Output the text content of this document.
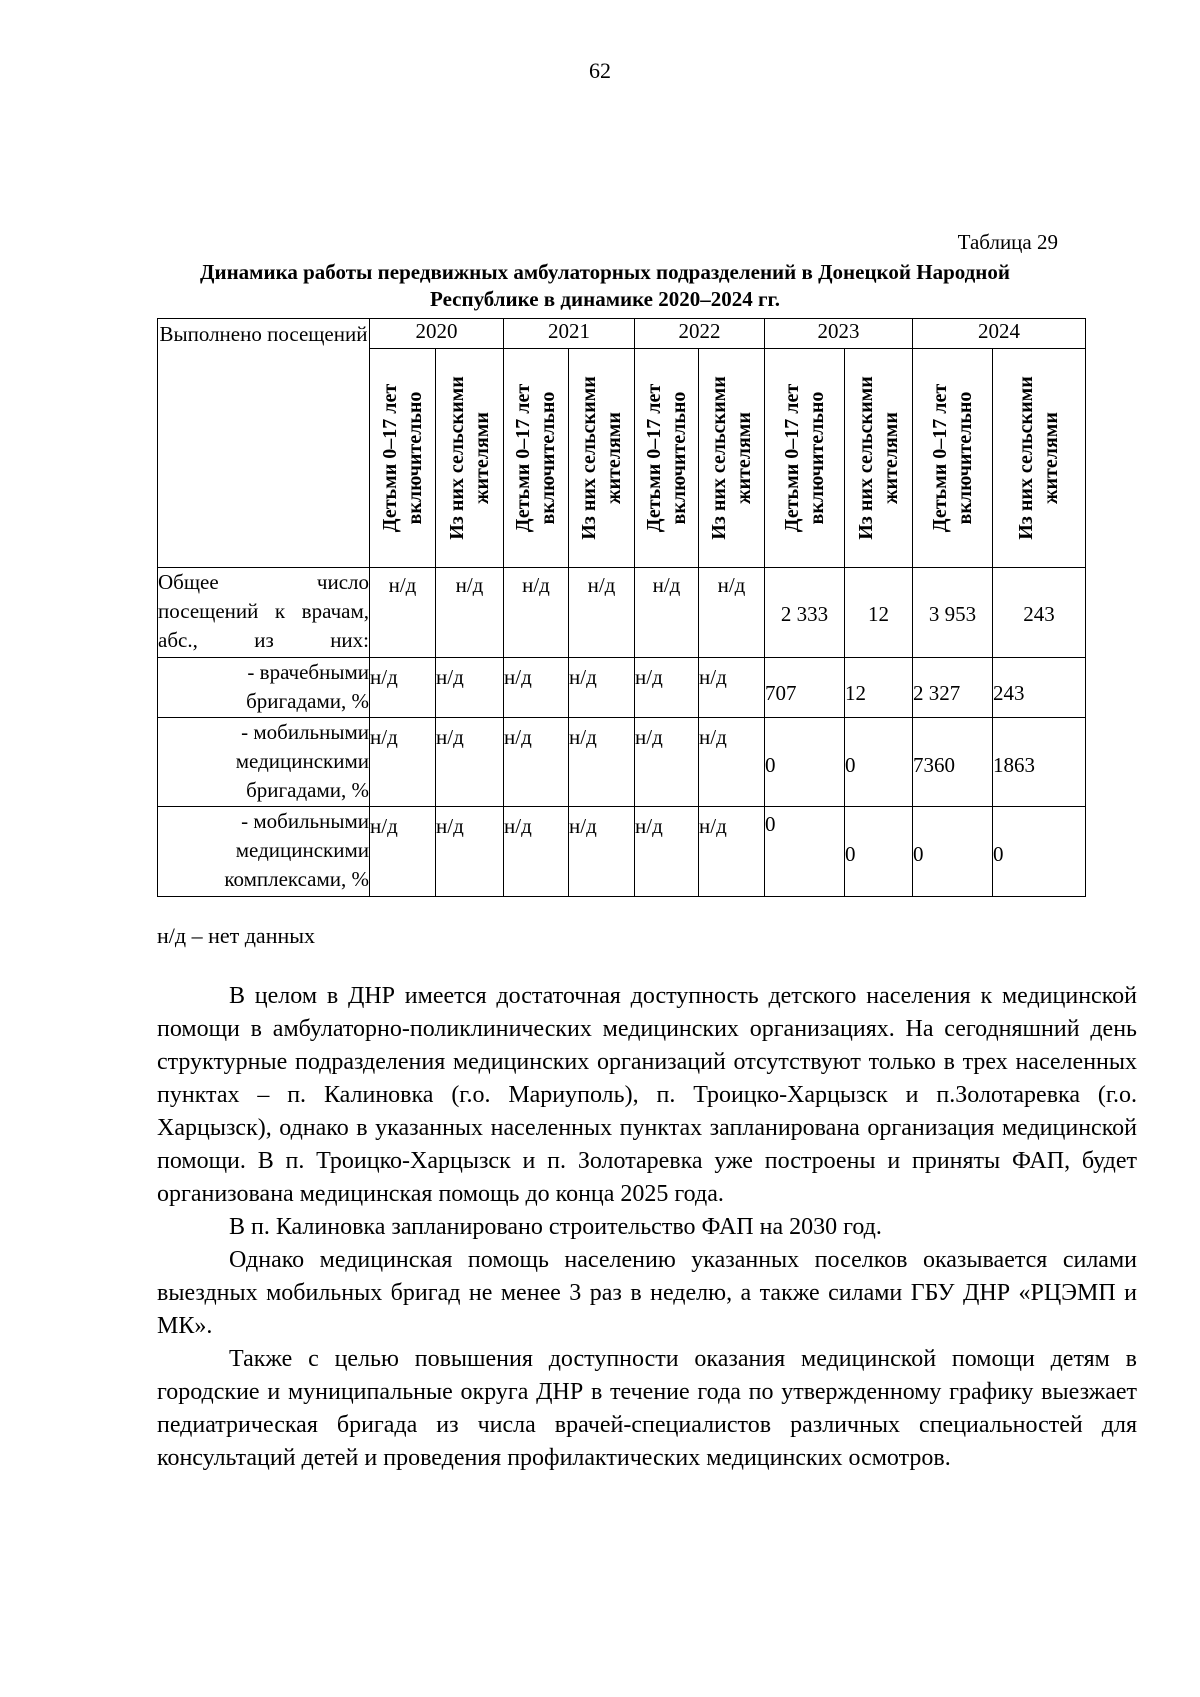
62
Таблица 29
Динамика работы передвижных амбулаторных подразделений в Донецкой Народной Республике в динамике 2020–2024 гг.
Выполнено посещений	2020		2021		2022		2023		2024	

	Детьми 0–17 лет включительно	Из них сельскими жителями	Детьми 0–17 лет включительно	Из них сельскими жителями	Детьми 0–17 лет включительно	Из них сельскими жителями	Детьми 0–17 лет включительно	Из них сельскими жителями	Детьми 0–17 лет включительно	Из них сельскими жителями

Общее число посещений к врачам, абс., из них:	н/д	н/д	н/д	н/д	н/д	н/д	2 333	12	3 953	243

- врачебными бригадами, %	н/д	н/д	н/д	н/д	н/д	н/д	707	12	2 327	243

- мобильными медицинскими бригадами, %	н/д	н/д	н/д	н/д	н/д	н/д	0	0	7360	1863

- мобильными медицинскими комплексами, %	н/д	н/д	н/д	н/д	н/д	н/д	0	0	0	0
н/д – нет данных

В целом в ДНР имеется достаточная доступность детского населения к медицинской помощи в амбулаторно-поликлинических медицинских организациях. На сегодняшний день структурные подразделения медицинских организаций отсутствуют только в трех населенных пунктах – п. Калиновка (г.о. Мариуполь), п. Троицко-Харцызск и п.Золотаревка (г.о. Харцызск), однако в указанных населенных пунктах запланирована организация медицинской помощи. В п. Троицко-Харцызск и п. Золотаревка уже построены и приняты ФАП, будет организована медицинская помощь до конца 2025 года.

В п. Калиновка запланировано строительство ФАП на 2030 год.

Однако медицинская помощь населению указанных поселков оказывается силами выездных мобильных бригад не менее 3 раз в неделю, а также силами ГБУ ДНР «РЦЭМП и МК».

Также с целью повышения доступности оказания медицинской помощи детям в городские и муниципальные округа ДНР в течение года по утвержденному графику выезжает педиатрическая бригада из числа врачей-специалистов различных специальностей для консультаций детей и проведения профилактических медицинских осмотров.
